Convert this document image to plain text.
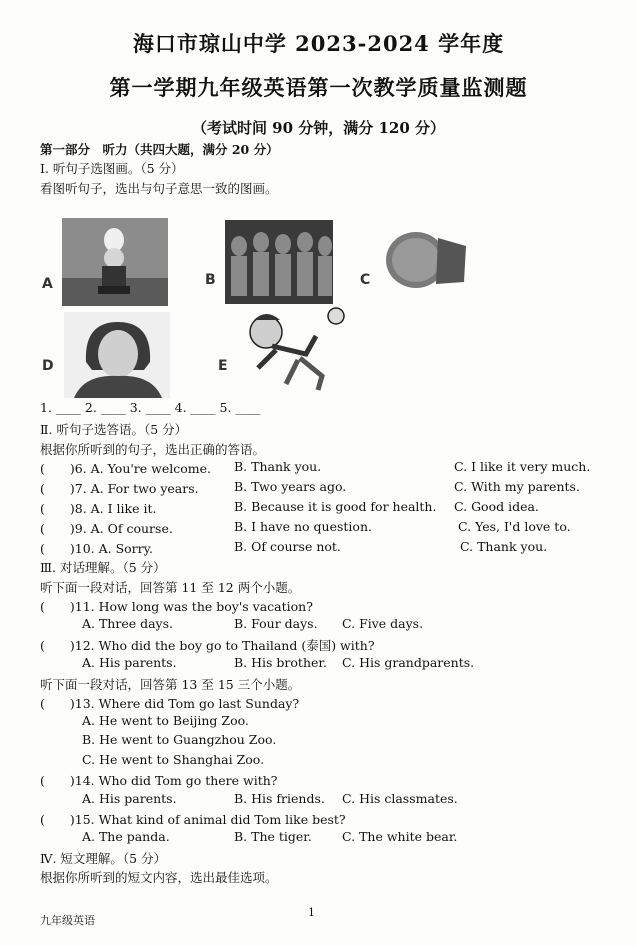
海口市琼山中学 2023-2024 学年度
第一学期九年级英语第一次教学质量监测题
（考试时间 90 分钟，满分 120 分）
第一部分　听力（共四大题，满分 20 分）
Ⅰ. 听句子选图画。（5 分）
看图听句子，选出与句子意思一致的图画。
A	B	C
D	E
1. ____ 2. ____ 3. ____ 4. ____ 5. ____
Ⅱ. 听句子选答语。（5 分）
根据你所听到的句子，选出正确的答语。
(　　)6. A. You're welcome. B. Thank you.	C. I like it very much.
(　　)7. A. For two years.	B. Two years ago.	C. With my parents.
(　　)8. A. I like it.	B. Because it is good for health. C. Good idea.
(　　)9. A. Of course.	B. I have no question.	C. Yes, I'd love to.
(　　)10. A. Sorry.	B. Of course not.	C. Thank you.
Ⅲ. 对话理解。（5 分）
听下面一段对话，回答第 11 至 12 两个小题。
(　　)11. How long was the boy's vacation?
A. Three days.	B. Four days. C. Five days.
(　　)12. Who did the boy go to Thailand (泰国) with?
A. His parents.	B. His brother. C. His grandparents.
听下面一段对话，回答第 13 至 15 三个小题。
(　　)13. Where did Tom go last Sunday?
A. He went to Beijing Zoo.
B. He went to Guangzhou Zoo.
C. He went to Shanghai Zoo.
(　　)14. Who did Tom go there with?
A. His parents.	B. His friends. C. His classmates.
(　　)15. What kind of animal did Tom like best?
A. The panda.	B. The tiger. C. The white bear.
Ⅳ. 短文理解。（5 分）
根据你所听到的短文内容，选出最佳选项。
九年级英语
1
